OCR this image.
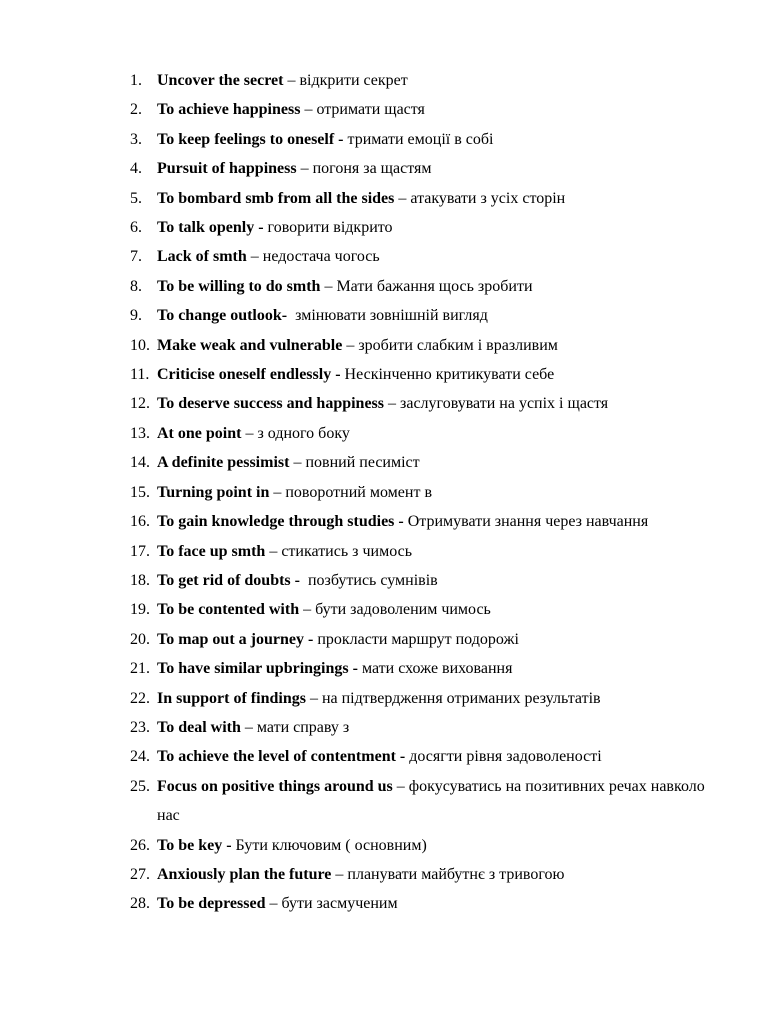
1. Uncover the secret – відкрити секрет
2. To achieve happiness – отримати щастя
3. To keep feelings to oneself - тримати емоції в собі
4. Pursuit of happiness – погоня за щастям
5. To bombard smb from all the sides – атакувати з усіх сторін
6. To talk openly - говорити відкрито
7. Lack of smth – недостача чогось
8. To be willing to do smth – Мати бажання щось зробити
9. To change outlook- змінювати зовнішній вигляд
10. Make weak and vulnerable – зробити слабким і вразливим
11. Criticise oneself endlessly - Нескінченно критикувати себе
12. To deserve success and happiness – заслуговувати на успіх і щастя
13. At one point – з одного боку
14. A definite pessimist – повний песиміст
15. Turning point in – поворотний момент в
16. To gain knowledge through studies - Отримувати знання через навчання
17. To face up smth – стикатись з чимось
18. To get rid of doubts - позбутись сумнівів
19. To be contented with – бути задоволеним чимось
20. To map out a journey - прокласти маршрут подорожі
21. To have similar upbringings - мати схоже виховання
22. In support of findings – на підтвердження отриманих результатів
23. To deal with – мати справу з
24. To achieve the level of contentment - досягти рівня задоволеності
25. Focus on positive things around us – фокусуватись на позитивних речах навколо нас
26. To be key - Бути ключовим ( основним)
27. Anxiously plan the future – планувати майбутнє з тривогою
28. To be depressed – бути засмученим
